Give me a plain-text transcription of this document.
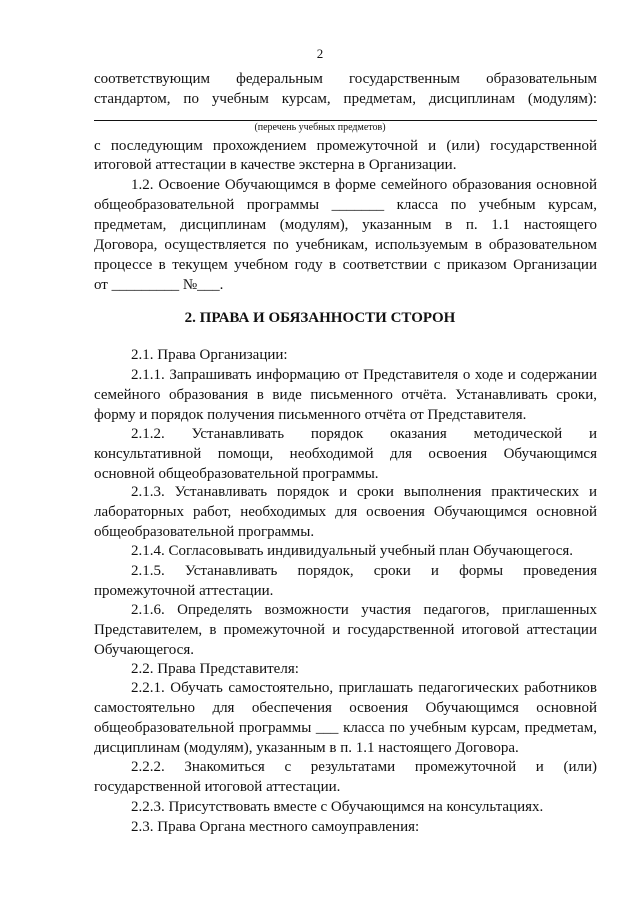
2
соответствующим федеральным государственным образовательным
стандартом, по учебным курсам, предметам, дисциплинам (модулям):
(перечень учебных предметов)
с последующим прохождением промежуточной и (или) государственной
итоговой аттестации в качестве экстерна в Организации.
1.2. Освоение Обучающимся в форме семейного образования основной
общеобразовательной программы _______ класса по учебным курсам,
предметам, дисциплинам (модулям), указанным в п. 1.1 настоящего
Договора, осуществляется по учебникам, используемым в образовательном
процессе в текущем учебном году в соответствии с приказом Организации
от _________ №___.
2. ПРАВА И ОБЯЗАННОСТИ СТОРОН
2.1. Права Организации:
2.1.1. Запрашивать информацию от Представителя о ходе и содержании
семейного образования в виде письменного отчёта. Устанавливать сроки,
форму и порядок получения письменного отчёта от Представителя.
2.1.2. Устанавливать порядок оказания методической и
консультативной помощи, необходимой для освоения Обучающимся
основной общеобразовательной программы.
2.1.3. Устанавливать порядок и сроки выполнения практических и
лабораторных работ, необходимых для освоения Обучающимся основной
общеобразовательной программы.
2.1.4. Согласовывать индивидуальный учебный план Обучающегося.
2.1.5. Устанавливать порядок, сроки и формы проведения
промежуточной аттестации.
2.1.6. Определять возможности участия педагогов, приглашенных
Представителем, в промежуточной и государственной итоговой аттестации
Обучающегося.
2.2. Права Представителя:
2.2.1. Обучать самостоятельно, приглашать педагогических работников
самостоятельно для обеспечения освоения Обучающимся основной
общеобразовательной программы ___ класса по учебным курсам, предметам,
дисциплинам (модулям), указанным в п. 1.1 настоящего Договора.
2.2.2. Знакомиться с результатами промежуточной и (или)
государственной итоговой аттестации.
2.2.3. Присутствовать вместе с Обучающимся на консультациях.
2.3. Права Органа местного самоуправления:
